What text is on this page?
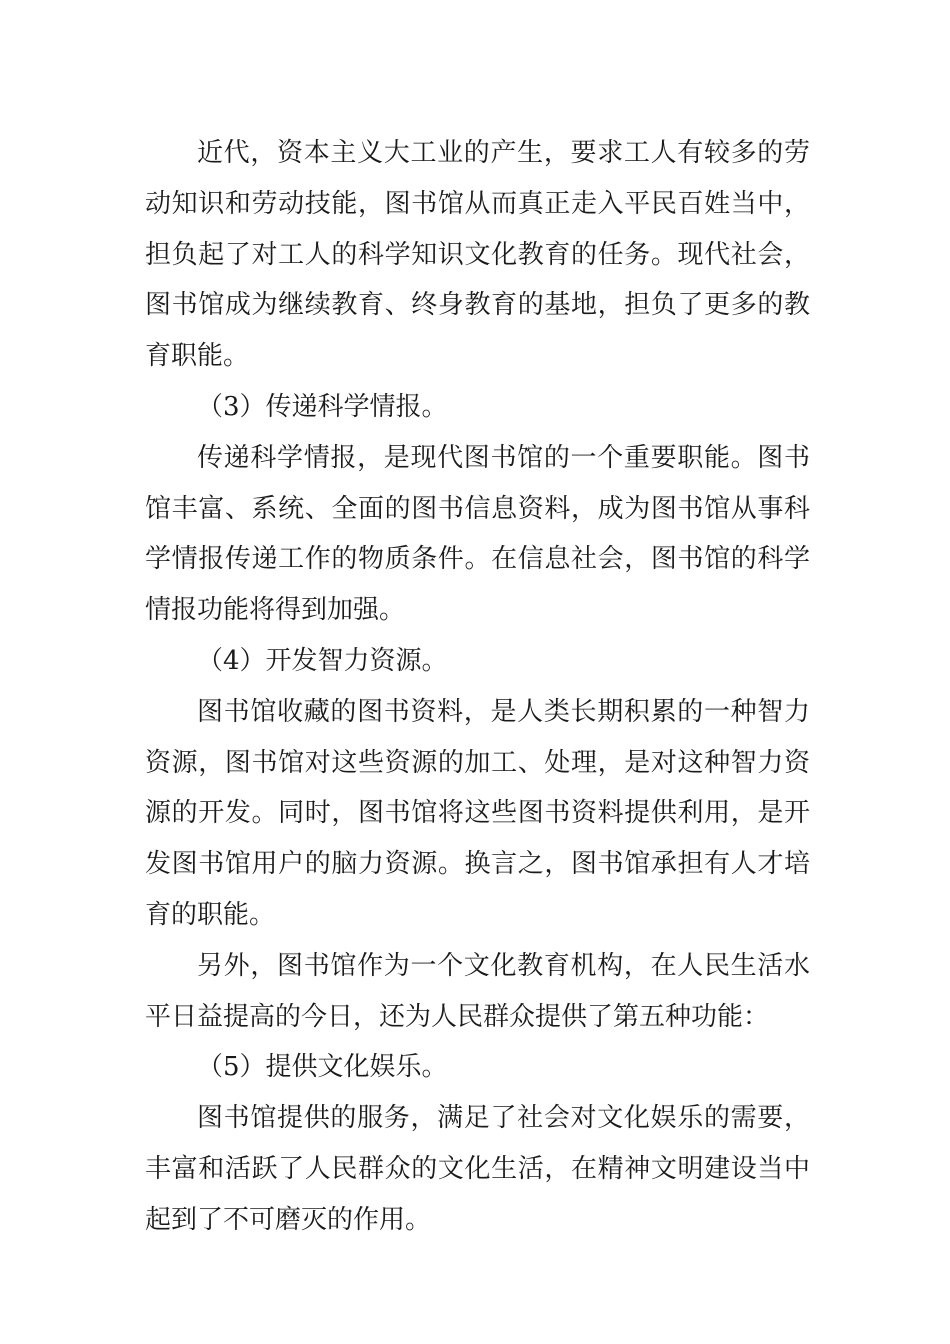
近代，资本主义大工业的产生，要求工人有较多的劳动知识和劳动技能，图书馆从而真正走入平民百姓当中，担负起了对工人的科学知识文化教育的任务。现代社会，图书馆成为继续教育、终身教育的基地，担负了更多的教育职能。

（3）传递科学情报。

传递科学情报，是现代图书馆的一个重要职能。图书馆丰富、系统、全面的图书信息资料，成为图书馆从事科学情报传递工作的物质条件。在信息社会，图书馆的科学情报功能将得到加强。

（4）开发智力资源。

图书馆收藏的图书资料，是人类长期积累的一种智力资源，图书馆对这些资源的加工、处理，是对这种智力资源的开发。同时，图书馆将这些图书资料提供利用，是开发图书馆用户的脑力资源。换言之，图书馆承担有人才培育的职能。

另外，图书馆作为一个文化教育机构，在人民生活水平日益提高的今日，还为人民群众提供了第五种功能：

（5）提供文化娱乐。

图书馆提供的服务，满足了社会对文化娱乐的需要，丰富和活跃了人民群众的文化生活，在精神文明建设当中起到了不可磨灭的作用。
